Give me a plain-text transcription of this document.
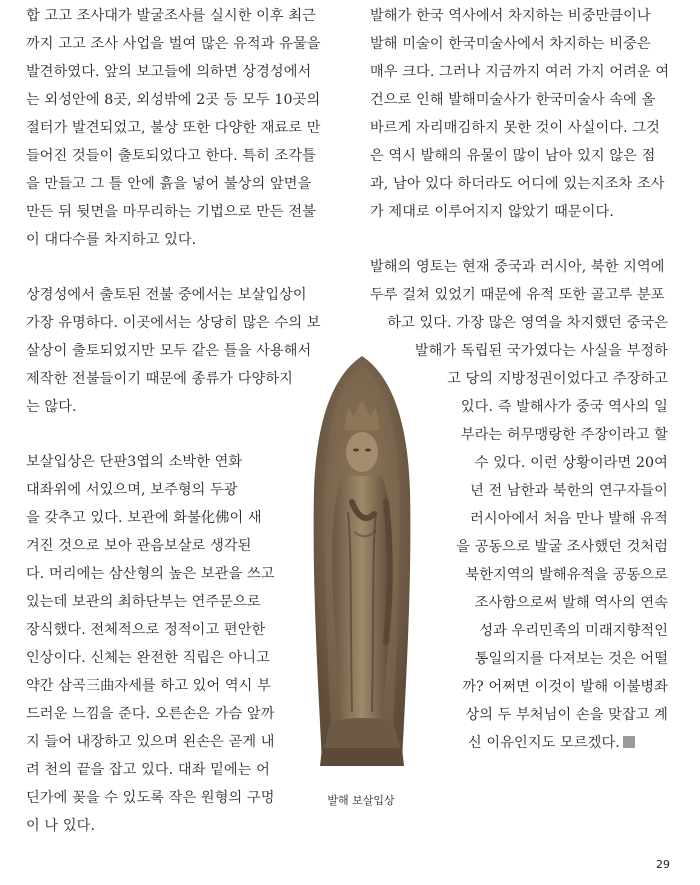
합 고고 조사대가 발굴조사를 실시한 이후 최근

까지 고고 조사 사업을 벌여 많은 유적과 유물을

발견하였다. 앞의 보고들에 의하면 상경성에서

는 외성안에 8곳, 외성밖에 2곳 등 모두 10곳의

절터가 발견되었고, 불상 또한 다양한 재료로 만

들어진 것들이 출토되었다고 한다. 특히 조각틀

을 만들고 그 틀 안에 흙을 넣어 불상의 앞면을

만든 뒤 뒷면을 마무리하는 기법으로 만든 전불

이 대다수를 차지하고 있다.

상경성에서 출토된 전불 중에서는 보살입상이

가장 유명하다. 이곳에서는 상당히 많은 수의 보

살상이 출토되었지만 모두 같은 틀을 사용해서

제작한 전불들이기 때문에 종류가 다양하지

는 않다.

보살입상은 단판3엽의 소박한 연화

대좌위에 서있으며, 보주형의 두광

을 갖추고 있다. 보관에 화불化佛이 새

겨진 것으로 보아 관음보살로 생각된

다. 머리에는 삼산형의 높은 보관을 쓰고

있는데 보관의 최하단부는 연주문으로

장식했다. 전체적으로 정적이고 편안한

인상이다. 신체는 완전한 직립은 아니고

약간 삼곡三曲자세를 하고 있어 역시 부

드러운 느낌을 준다. 오른손은 가슴 앞까

지 들어 내장하고 있으며 왼손은 곧게 내

려 천의 끝을 잡고 있다. 대좌 밑에는 어

딘가에 꽂을 수 있도록 작은 원형의 구멍

이 나 있다.

발해가 한국 역사에서 차지하는 비중만큼이나

발해 미술이 한국미술사에서 차지하는 비중은

매우 크다. 그러나 지금까지 여러 가지 어려운 여

건으로 인해 발해미술사가 한국미술사 속에 올

바르게 자리매김하지 못한 것이 사실이다. 그것

은 역시 발해의 유물이 많이 남아 있지 않은 점

과, 남아 있다 하더라도 어디에 있는지조차 조사

가 제대로 이루어지지 않았기 때문이다.

발해의 영토는 현재 중국과 러시아, 북한 지역에

두루 걸쳐 있었기 때문에 유적 또한 골고루 분포

하고 있다. 가장 많은 영역을 차지했던 중국은

발해가 독립된 국가였다는 사실을 부정하

고 당의 지방정권이었다고 주장하고

있다. 즉 발해사가 중국 역사의 일

부라는 허무맹랑한 주장이라고 할

수 있다. 이런 상황이라면 20여

년 전 남한과 북한의 연구자들이

러시아에서 처음 만나 발해 유적

을 공동으로 발굴 조사했던 것처럼

북한지역의 발해유적을 공동으로

조사함으로써 발해 역사의 연속

성과 우리민족의 미래지향적인

통일의지를 다져보는 것은 어떨

까? 어쩌면 이것이 발해 이불병좌

상의 두 부처님이 손을 맞잡고 계

신 이유인지도 모르겠다.

발해 보살입상
29
